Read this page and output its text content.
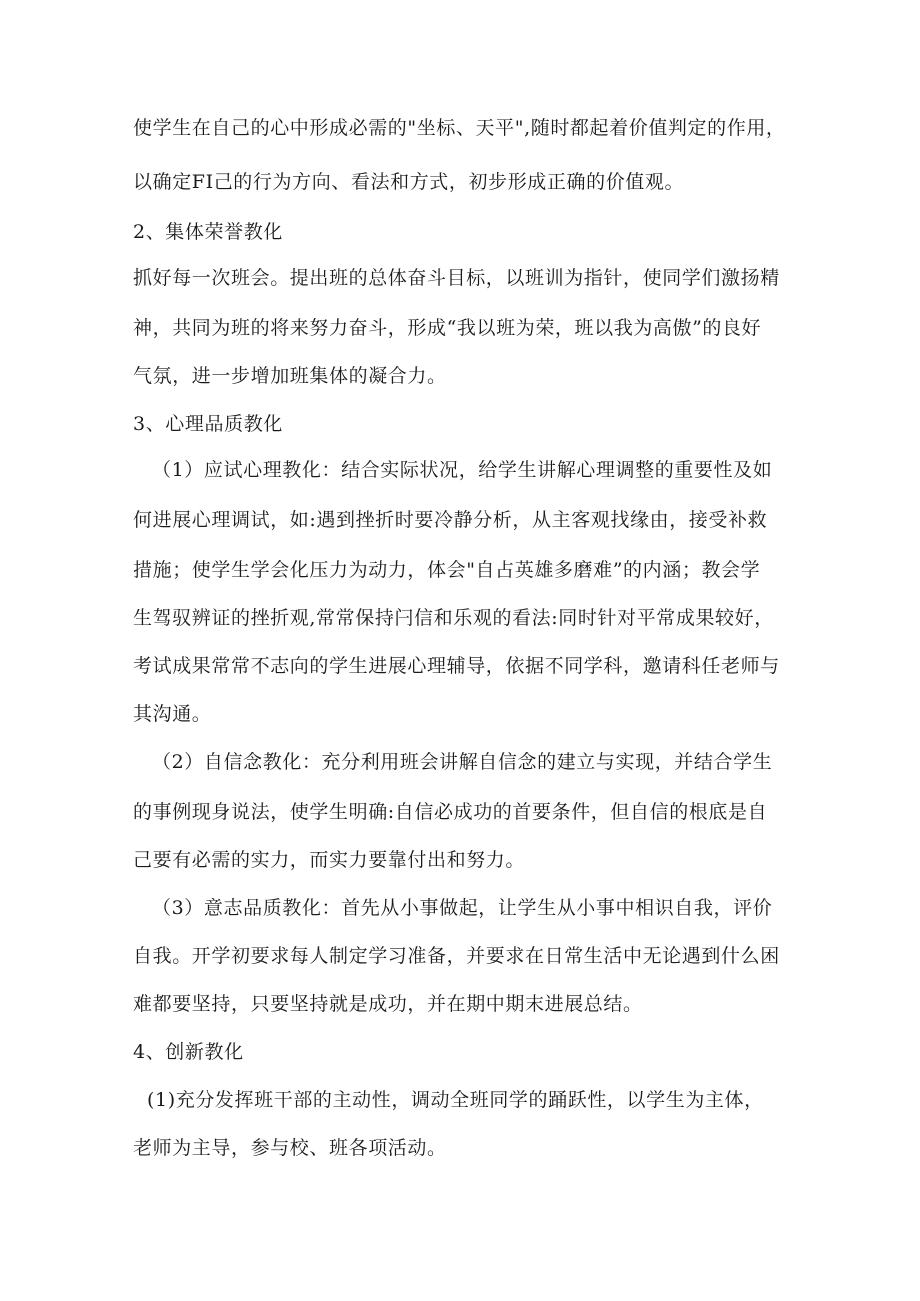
使学生在自己的心中形成必需的"坐标、天平",随时都起着价值判定的作用，
以确定FI己的行为方向、看法和方式，初步形成正确的价值观。
2、集体荣誉教化
抓好每一次班会。提出班的总体奋斗目标，以班训为指针，使同学们激扬精
神，共同为班的将来努力奋斗，形成“我以班为荣，班以我为高傲”的良好
气氛，进一步增加班集体的凝合力。
3、心理品质教化
（1）应试心理教化：结合实际状况，给学生讲解心理调整的重要性及如
何进展心理调试，如:遇到挫折时要冷静分析，从主客观找缘由，接受补救
措施；使学生学会化压力为动力，体会"自占英雄多磨难”的内涵；教会学
生驾驭辨证的挫折观,常常保持闩信和乐观的看法:同时针对平常成果较好，
考试成果常常不志向的学生进展心理辅导，依据不同学科，邀请科任老师与
其沟通。
（2）自信念教化：充分利用班会讲解自信念的建立与实现，并结合学生
的事例现身说法，使学生明确:自信必成功的首要条件，但自信的根底是自
己要有必需的实力，而实力要靠付出和努力。
（3）意志品质教化：首先从小事做起，让学生从小事中相识自我，评价
自我。开学初要求每人制定学习准备，并要求在日常生活中无论遇到什么困
难都要坚持，只要坚持就是成功，并在期中期末进展总结。
4、创新教化
(1)充分发挥班干部的主动性，调动全班同学的踊跃性，以学生为主体，
老师为主导，参与校、班各项活动。
